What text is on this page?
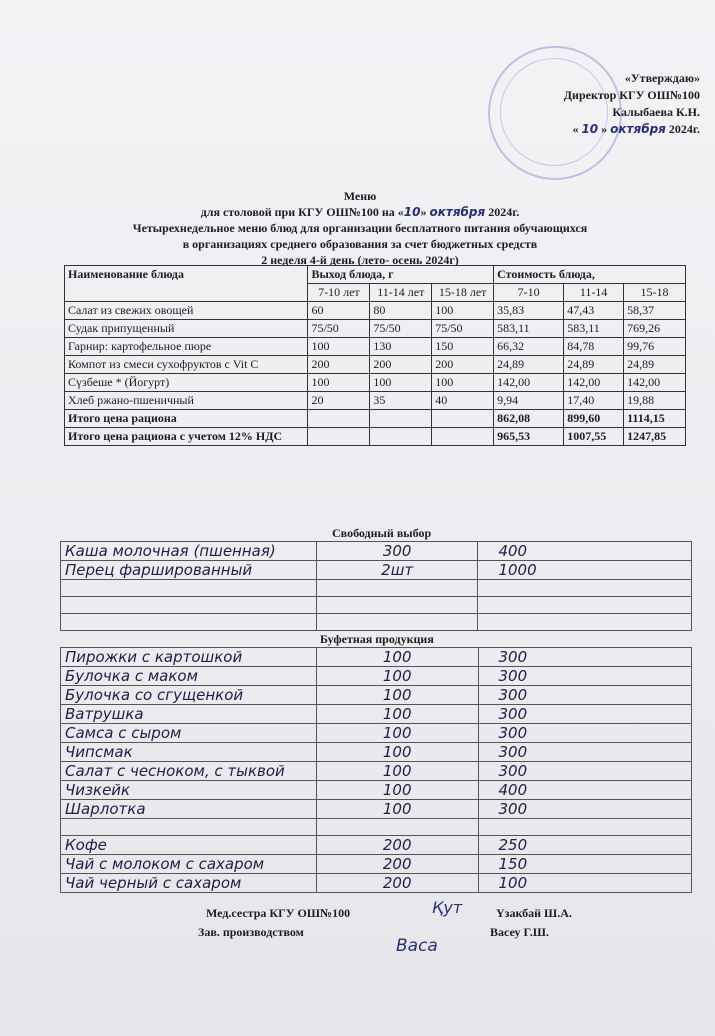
«Утверждаю»
Директор КГУ ОШ№100
Калыбаева К.Н.
« 10 » октября 2024г.
Меню
для столовой при КГУ ОШ№100 на «10» октября 2024г.
Четырехнедельное меню блюд для организации бесплатного питания обучающихся
в организациях среднего образования за счет бюджетных средств
2 неделя 4-й день (лето- осень 2024г)
Наименование блюда	Выход блюда, г			Стоимость блюда,		
	7-10 лет	11-14 лет	15-18 лет	7-10	11-14	15-18
Салат из свежих овощей	60	80	100	35,83	47,43	58,37
Судак припущенный	75/50	75/50	75/50	583,11	583,11	769,26
Гарнир: картофельное пюре	100	130	150	66,32	84,78	99,76
Компот из смеси сухофруктов с Vit C	200	200	200	24,89	24,89	24,89
Сүзбеше * (Йогурт)	100	100	100	142,00	142,00	142,00
Хлеб ржано-пшеничный	20	35	40	9,94	17,40	19,88
Итого цена рациона				862,08	899,60	1114,15
Итого цена рациона с учетом 12% НДС				965,53	1007,55	1247,85
Свободный выбор
Каша молочная (пшенная)	300	400
Перец фаршированный	2шт	1000

Буфетная продукция
Пирожки с картошкой	100	300
Булочка с маком	100	300
Булочка со сгущенкой	100	300
Ватрушка	100	300
Самса с сыром	100	300
Чипсмак	100	300
Салат с чесноком, с тыквой	100	300
Чизкейк	100	400
Шарлотка	100	300

Кофе	200	250
Чай с молоком с сахаром	200	150
Чай черный с сахаром	200	100
Мед.сестра КГУ ОШ№100	Қут	Үзакбай Ш.А.
Зав. производством
Васа
Васеу Г.Ш.
